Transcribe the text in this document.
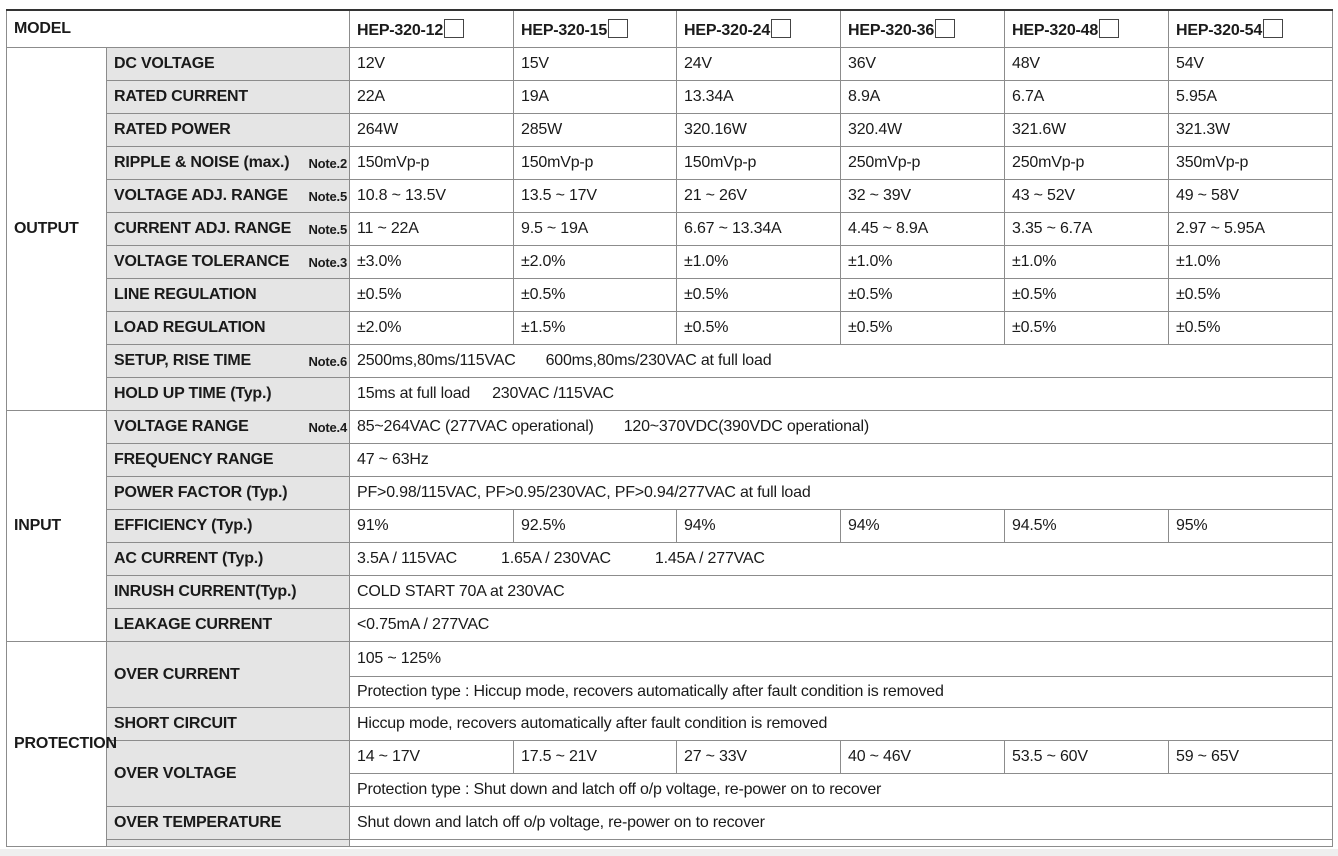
MODEL		HEP-320-12	HEP-320-15	HEP-320-24	HEP-320-36	HEP-320-48	HEP-320-54
OUTPUT	DC VOLTAGE	12V	15V	24V	36V	48V	54V
	RATED CURRENT	22A	19A	13.34A	8.9A	6.7A	5.95A
	RATED POWER	264W	285W	320.16W	320.4W	321.6W	321.3W
	RIPPLE & NOISE (max.) Note.2	150mVp-p	150mVp-p	150mVp-p	250mVp-p	250mVp-p	350mVp-p
	VOLTAGE ADJ. RANGE Note.5	10.8 ~ 13.5V	13.5 ~ 17V	21 ~ 26V	32 ~ 39V	43 ~ 52V	49 ~ 58V
	CURRENT ADJ. RANGE Note.5	11 ~ 22A	9.5 ~ 19A	6.67 ~ 13.34A	4.45 ~ 8.9A	3.35 ~ 6.7A	2.97 ~ 5.95A
	VOLTAGE TOLERANCE Note.3	±3.0%	±2.0%	±1.0%	±1.0%	±1.0%	±1.0%
	LINE REGULATION	±0.5%	±0.5%	±0.5%	±0.5%	±0.5%	±0.5%
	LOAD REGULATION	±2.0%	±1.5%	±0.5%	±0.5%	±0.5%	±0.5%
	SETUP, RISE TIME Note.6	2500ms,80ms/115VAC 600ms,80ms/230VAC at full load					
	HOLD UP TIME (Typ.)	15ms at full load 230VAC /115VAC					
INPUT	VOLTAGE RANGE Note.4	85~264VAC (277VAC operational) 120~370VDC(390VDC operational)					
	FREQUENCY RANGE	47 ~ 63Hz					
	POWER FACTOR (Typ.)	PF>0.98/115VAC, PF>0.95/230VAC, PF>0.94/277VAC at full load					
	EFFICIENCY (Typ.)	91%	92.5%	94%	94%	94.5%	95%
	AC CURRENT (Typ.)	3.5A / 115VAC 1.65A / 230VAC 1.45A / 277VAC					
	INRUSH CURRENT(Typ.)	COLD START 70A at 230VAC					
	LEAKAGE CURRENT	<0.75mA / 277VAC					
PROTECTION	OVER CURRENT	105 ~ 125%					
		Protection type : Hiccup mode, recovers automatically after fault condition is removed					
	SHORT CIRCUIT	Hiccup mode, recovers automatically after fault condition is removed					
	OVER VOLTAGE	14 ~ 17V	17.5 ~ 21V	27 ~ 33V	40 ~ 46V	53.5 ~ 60V	59 ~ 65V
		Protection type : Shut down and latch off o/p voltage, re-power on to recover					
	OVER TEMPERATURE	Shut down and latch off o/p voltage, re-power on to recover					
